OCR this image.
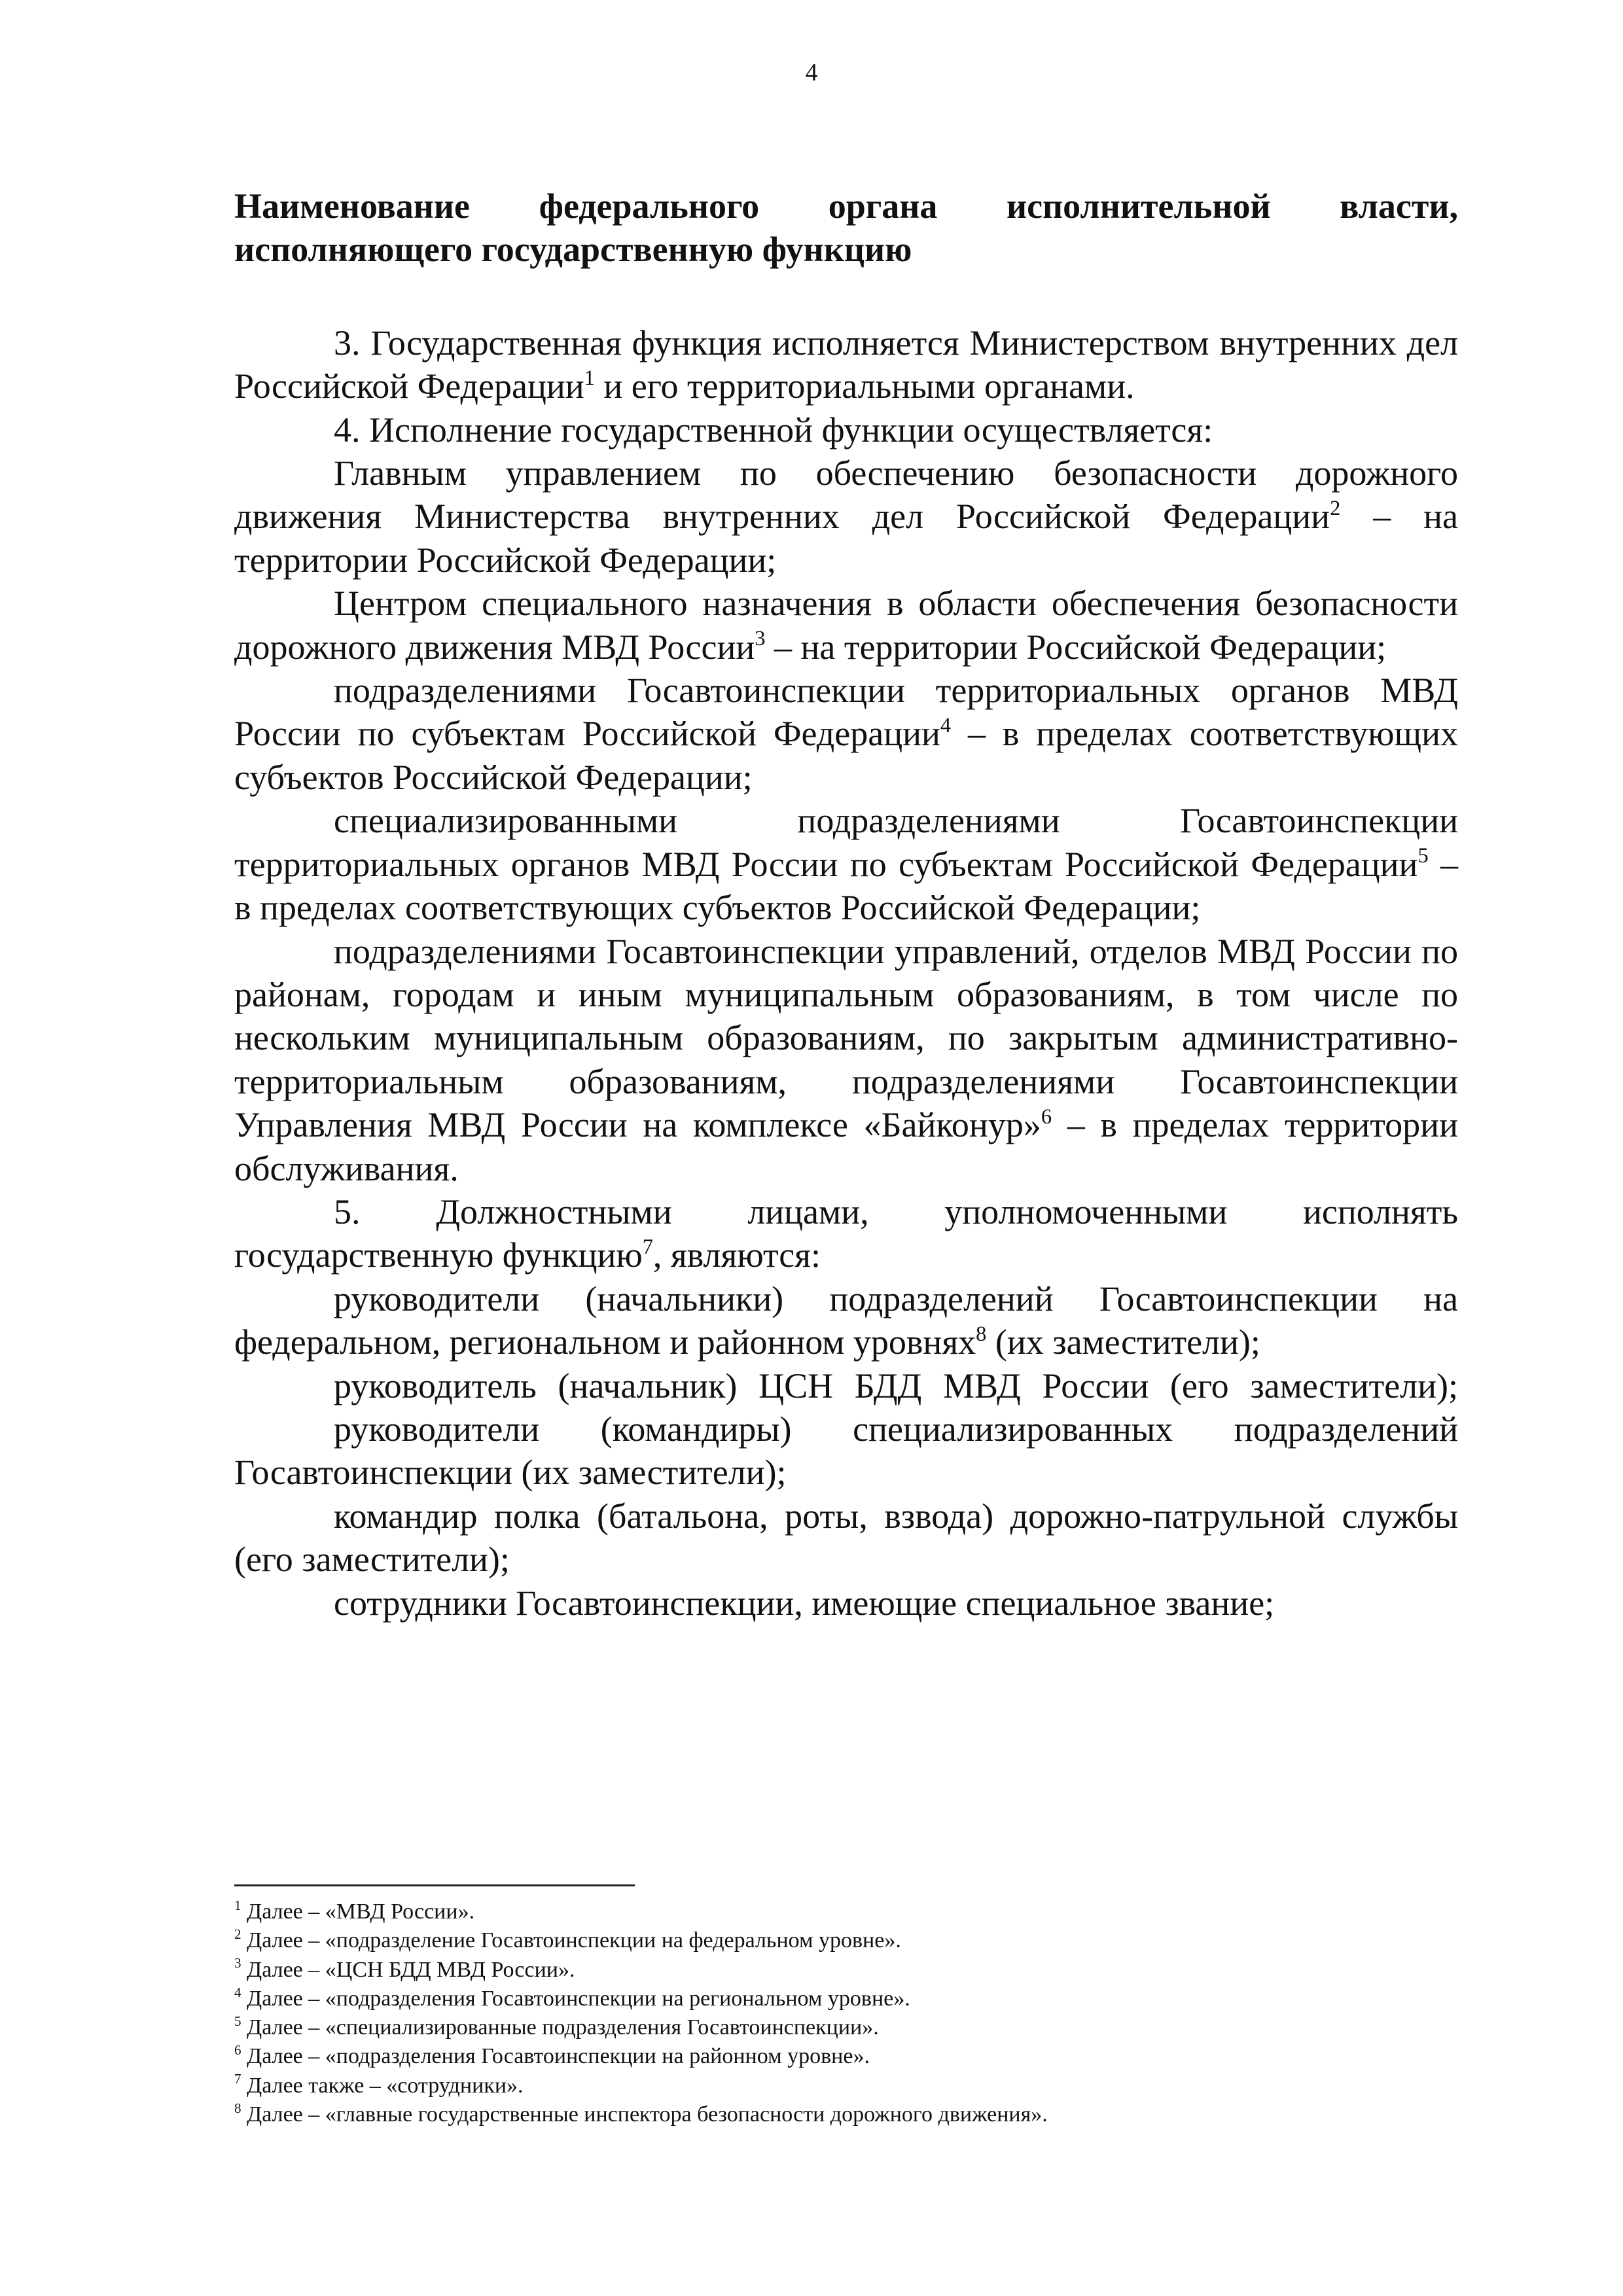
4

Наименование федерального органа исполнительной власти, исполняющего государственную функцию

3. Государственная функция исполняется Министерством внутренних дел Российской Федерации$^1$ и его территориальными органами.

4. Исполнение государственной функции осуществляется:

Главным управлением по обеспечению безопасности дорожного движения Министерства внутренних дел Российской Федерации$^2$ – на территории Российской Федерации;

Центром специального назначения в области обеспечения безопасности дорожного движения МВД России$^3$ – на территории Российской Федерации;

подразделениями Госавтоинспекции территориальных органов МВД России по субъектам Российской Федерации$^4$ – в пределах соответствующих субъектов Российской Федерации;

специализированными подразделениями Госавтоинспекции территориальных органов МВД России по субъектам Российской Федерации$^5$ – в пределах соответствующих субъектов Российской Федерации;

подразделениями Госавтоинспекции управлений, отделов МВД России по районам, городам и иным муниципальным образованиям, в том числе по нескольким муниципальным образованиям, по закрытым административно-территориальным образованиям, подразделениями Госавтоинспекции Управления МВД России на комплексе «Байконур»$^6$ – в пределах территории обслуживания.

5. Должностными лицами, уполномоченными исполнять государственную функцию$^7$, являются:

руководители (начальники) подразделений Госавтоинспекции на федеральном, региональном и районном уровнях$^8$ (их заместители);

руководитель (начальник) ЦСН БДД МВД России (его заместители);

руководители (командиры) специализированных подразделений Госавтоинспекции (их заместители);

командир полка (батальона, роты, взвода) дорожно-патрульной службы (его заместители);

сотрудники Госавтоинспекции, имеющие специальное звание;

$^1$ Далее – «МВД России».

$^2$ Далее – «подразделение Госавтоинспекции на федеральном уровне».

$^3$ Далее – «ЦСН БДД МВД России».

$^4$ Далее – «подразделения Госавтоинспекции на региональном уровне».

$^5$ Далее – «специализированные подразделения Госавтоинспекции».

$^6$ Далее – «подразделения Госавтоинспекции на районном уровне».

$^7$ Далее также – «сотрудники».

$^8$ Далее – «главные государственные инспектора безопасности дорожного движения».
